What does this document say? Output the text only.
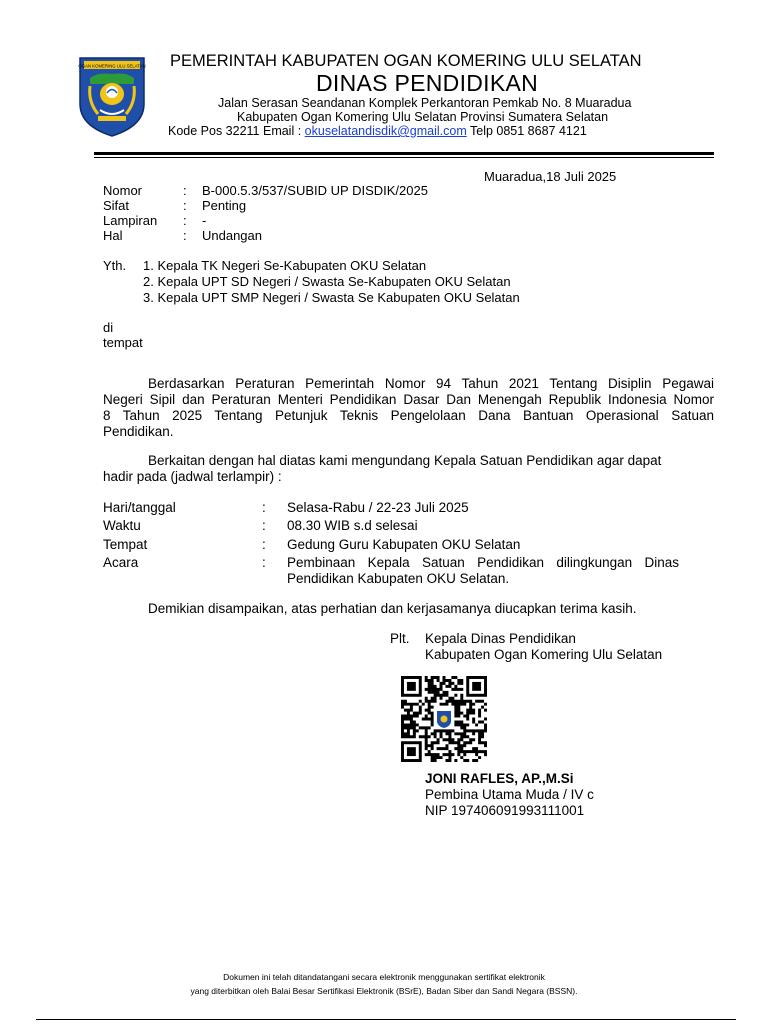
OGAN KOMERING ULU SELATAN PEMERINTAH KABUPATEN OGAN KOMERING ULU SELATAN
DINAS PENDIDIKAN
Jalan Serasan Seandanan Komplek Perkantoran Pemkab No. 8 Muaradua
Kabupaten Ogan Komering Ulu Selatan Provinsi Sumatera Selatan
Kode Pos 32211 Email : okuselatandisdik@gmail.com Telp 0851 8687 4121
Muaradua,18 Juli 2025
Nomor	: B-000.5.3/537/SUBID UP DISDIK/2025
Sifat	: Penting
Lampiran : -
Hal	: Undangan
Yth. 1. Kepala TK Negeri Se-Kabupaten OKU Selatan
2. Kepala UPT SD Negeri / Swasta Se-Kabupaten OKU Selatan
3. Kepala UPT SMP Negeri / Swasta Se Kabupaten OKU Selatan
di
tempat
Berdasarkan Peraturan Pemerintah Nomor 94 Tahun 2021 Tentang Disiplin Pegawai
Negeri Sipil dan Peraturan Menteri Pendidikan Dasar Dan Menengah Republik Indonesia Nomor
8 Tahun 2025 Tentang Petunjuk Teknis Pengelolaan Dana Bantuan Operasional Satuan
Pendidikan.
Berkaitan dengan hal diatas kami mengundang Kepala Satuan Pendidikan agar dapat
hadir pada (jadwal terlampir) :
Hari/tanggal	: Selasa-Rabu / 22-23 Juli 2025
Waktu	: 08.30 WIB s.d selesai
Tempat	: Gedung Guru Kabupaten OKU Selatan
Acara	: Pembinaan Kepala Satuan Pendidikan dilingkungan Dinas
Pendidikan Kabupaten OKU Selatan.
Demikian disampaikan, atas perhatian dan kerjasamanya diucapkan terima kasih.
Plt. Kepala Dinas Pendidikan
Kabupaten Ogan Komering Ulu Selatan
JONI RAFLES, AP.,M.Si
Pembina Utama Muda / IV c
NIP 197406091993111001
Dokumen ini telah ditandatangani secara elektronik menggunakan sertifikat elektronik
yang diterbitkan oleh Balai Besar Sertifikasi Elektronik (BSrE), Badan Siber dan Sandi Negara (BSSN).
